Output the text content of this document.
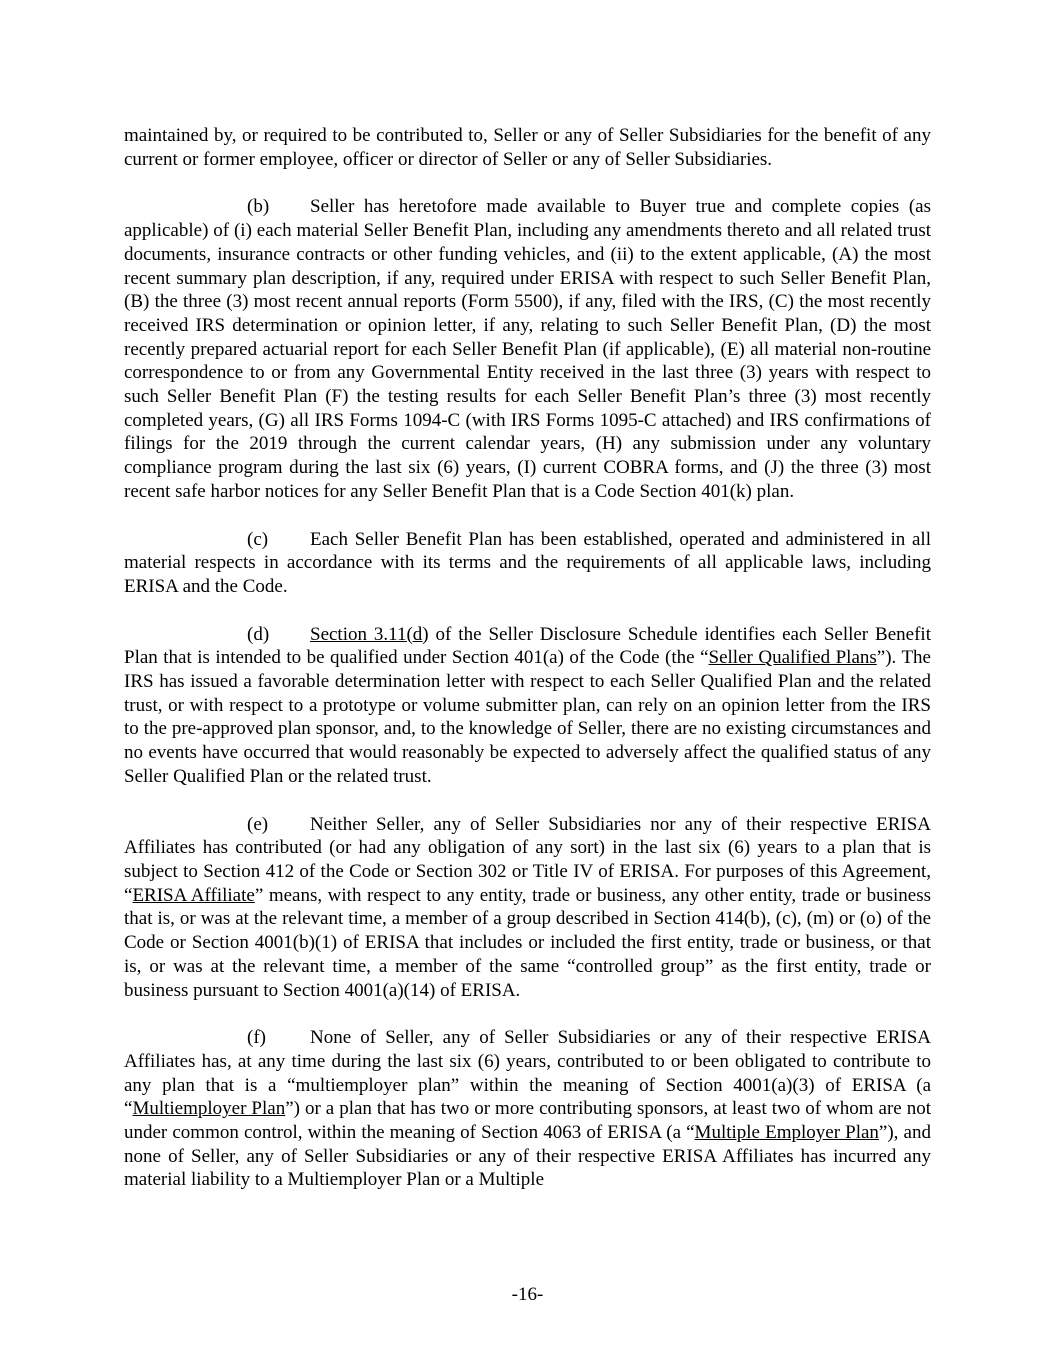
maintained by, or required to be contributed to, Seller or any of Seller Subsidiaries for the benefit of any current or former employee, officer or director of Seller or any of Seller Subsidiaries.

(b) Seller has heretofore made available to Buyer true and complete copies (as applicable) of (i) each material Seller Benefit Plan, including any amendments thereto and all related trust documents, insurance contracts or other funding vehicles, and (ii) to the extent applicable, (A) the most recent summary plan description, if any, required under ERISA with respect to such Seller Benefit Plan, (B) the three (3) most recent annual reports (Form 5500), if any, filed with the IRS, (C) the most recently received IRS determination or opinion letter, if any, relating to such Seller Benefit Plan, (D) the most recently prepared actuarial report for each Seller Benefit Plan (if applicable), (E) all material non-routine correspondence to or from any Governmental Entity received in the last three (3) years with respect to such Seller Benefit Plan (F) the testing results for each Seller Benefit Plan’s three (3) most recently completed years, (G) all IRS Forms 1094-C (with IRS Forms 1095-C attached) and IRS confirmations of filings for the 2019 through the current calendar years, (H) any submission under any voluntary compliance program during the last six (6) years, (I) current COBRA forms, and (J) the three (3) most recent safe harbor notices for any Seller Benefit Plan that is a Code Section 401(k) plan.

(c) Each Seller Benefit Plan has been established, operated and administered in all material respects in accordance with its terms and the requirements of all applicable laws, including ERISA and the Code.

(d) Section 3.11(d) of the Seller Disclosure Schedule identifies each Seller Benefit Plan that is intended to be qualified under Section 401(a) of the Code (the “Seller Qualified Plans”). The IRS has issued a favorable determination letter with respect to each Seller Qualified Plan and the related trust, or with respect to a prototype or volume submitter plan, can rely on an opinion letter from the IRS to the pre-approved plan sponsor, and, to the knowledge of Seller, there are no existing circumstances and no events have occurred that would reasonably be expected to adversely affect the qualified status of any Seller Qualified Plan or the related trust.

(e) Neither Seller, any of Seller Subsidiaries nor any of their respective ERISA Affiliates has contributed (or had any obligation of any sort) in the last six (6) years to a plan that is subject to Section 412 of the Code or Section 302 or Title IV of ERISA. For purposes of this Agreement, “ERISA Affiliate” means, with respect to any entity, trade or business, any other entity, trade or business that is, or was at the relevant time, a member of a group described in Section 414(b), (c), (m) or (o) of the Code or Section 4001(b)(1) of ERISA that includes or included the first entity, trade or business, or that is, or was at the relevant time, a member of the same “controlled group” as the first entity, trade or business pursuant to Section 4001(a)(14) of ERISA.

(f) None of Seller, any of Seller Subsidiaries or any of their respective ERISA Affiliates has, at any time during the last six (6) years, contributed to or been obligated to contribute to any plan that is a “multiemployer plan” within the meaning of Section 4001(a)(3) of ERISA (a “Multiemployer Plan”) or a plan that has two or more contributing sponsors, at least two of whom are not under common control, within the meaning of Section 4063 of ERISA (a “Multiple Employer Plan”), and none of Seller, any of Seller Subsidiaries or any of their respective ERISA Affiliates has incurred any material liability to a Multiemployer Plan or a Multiple

-16-
